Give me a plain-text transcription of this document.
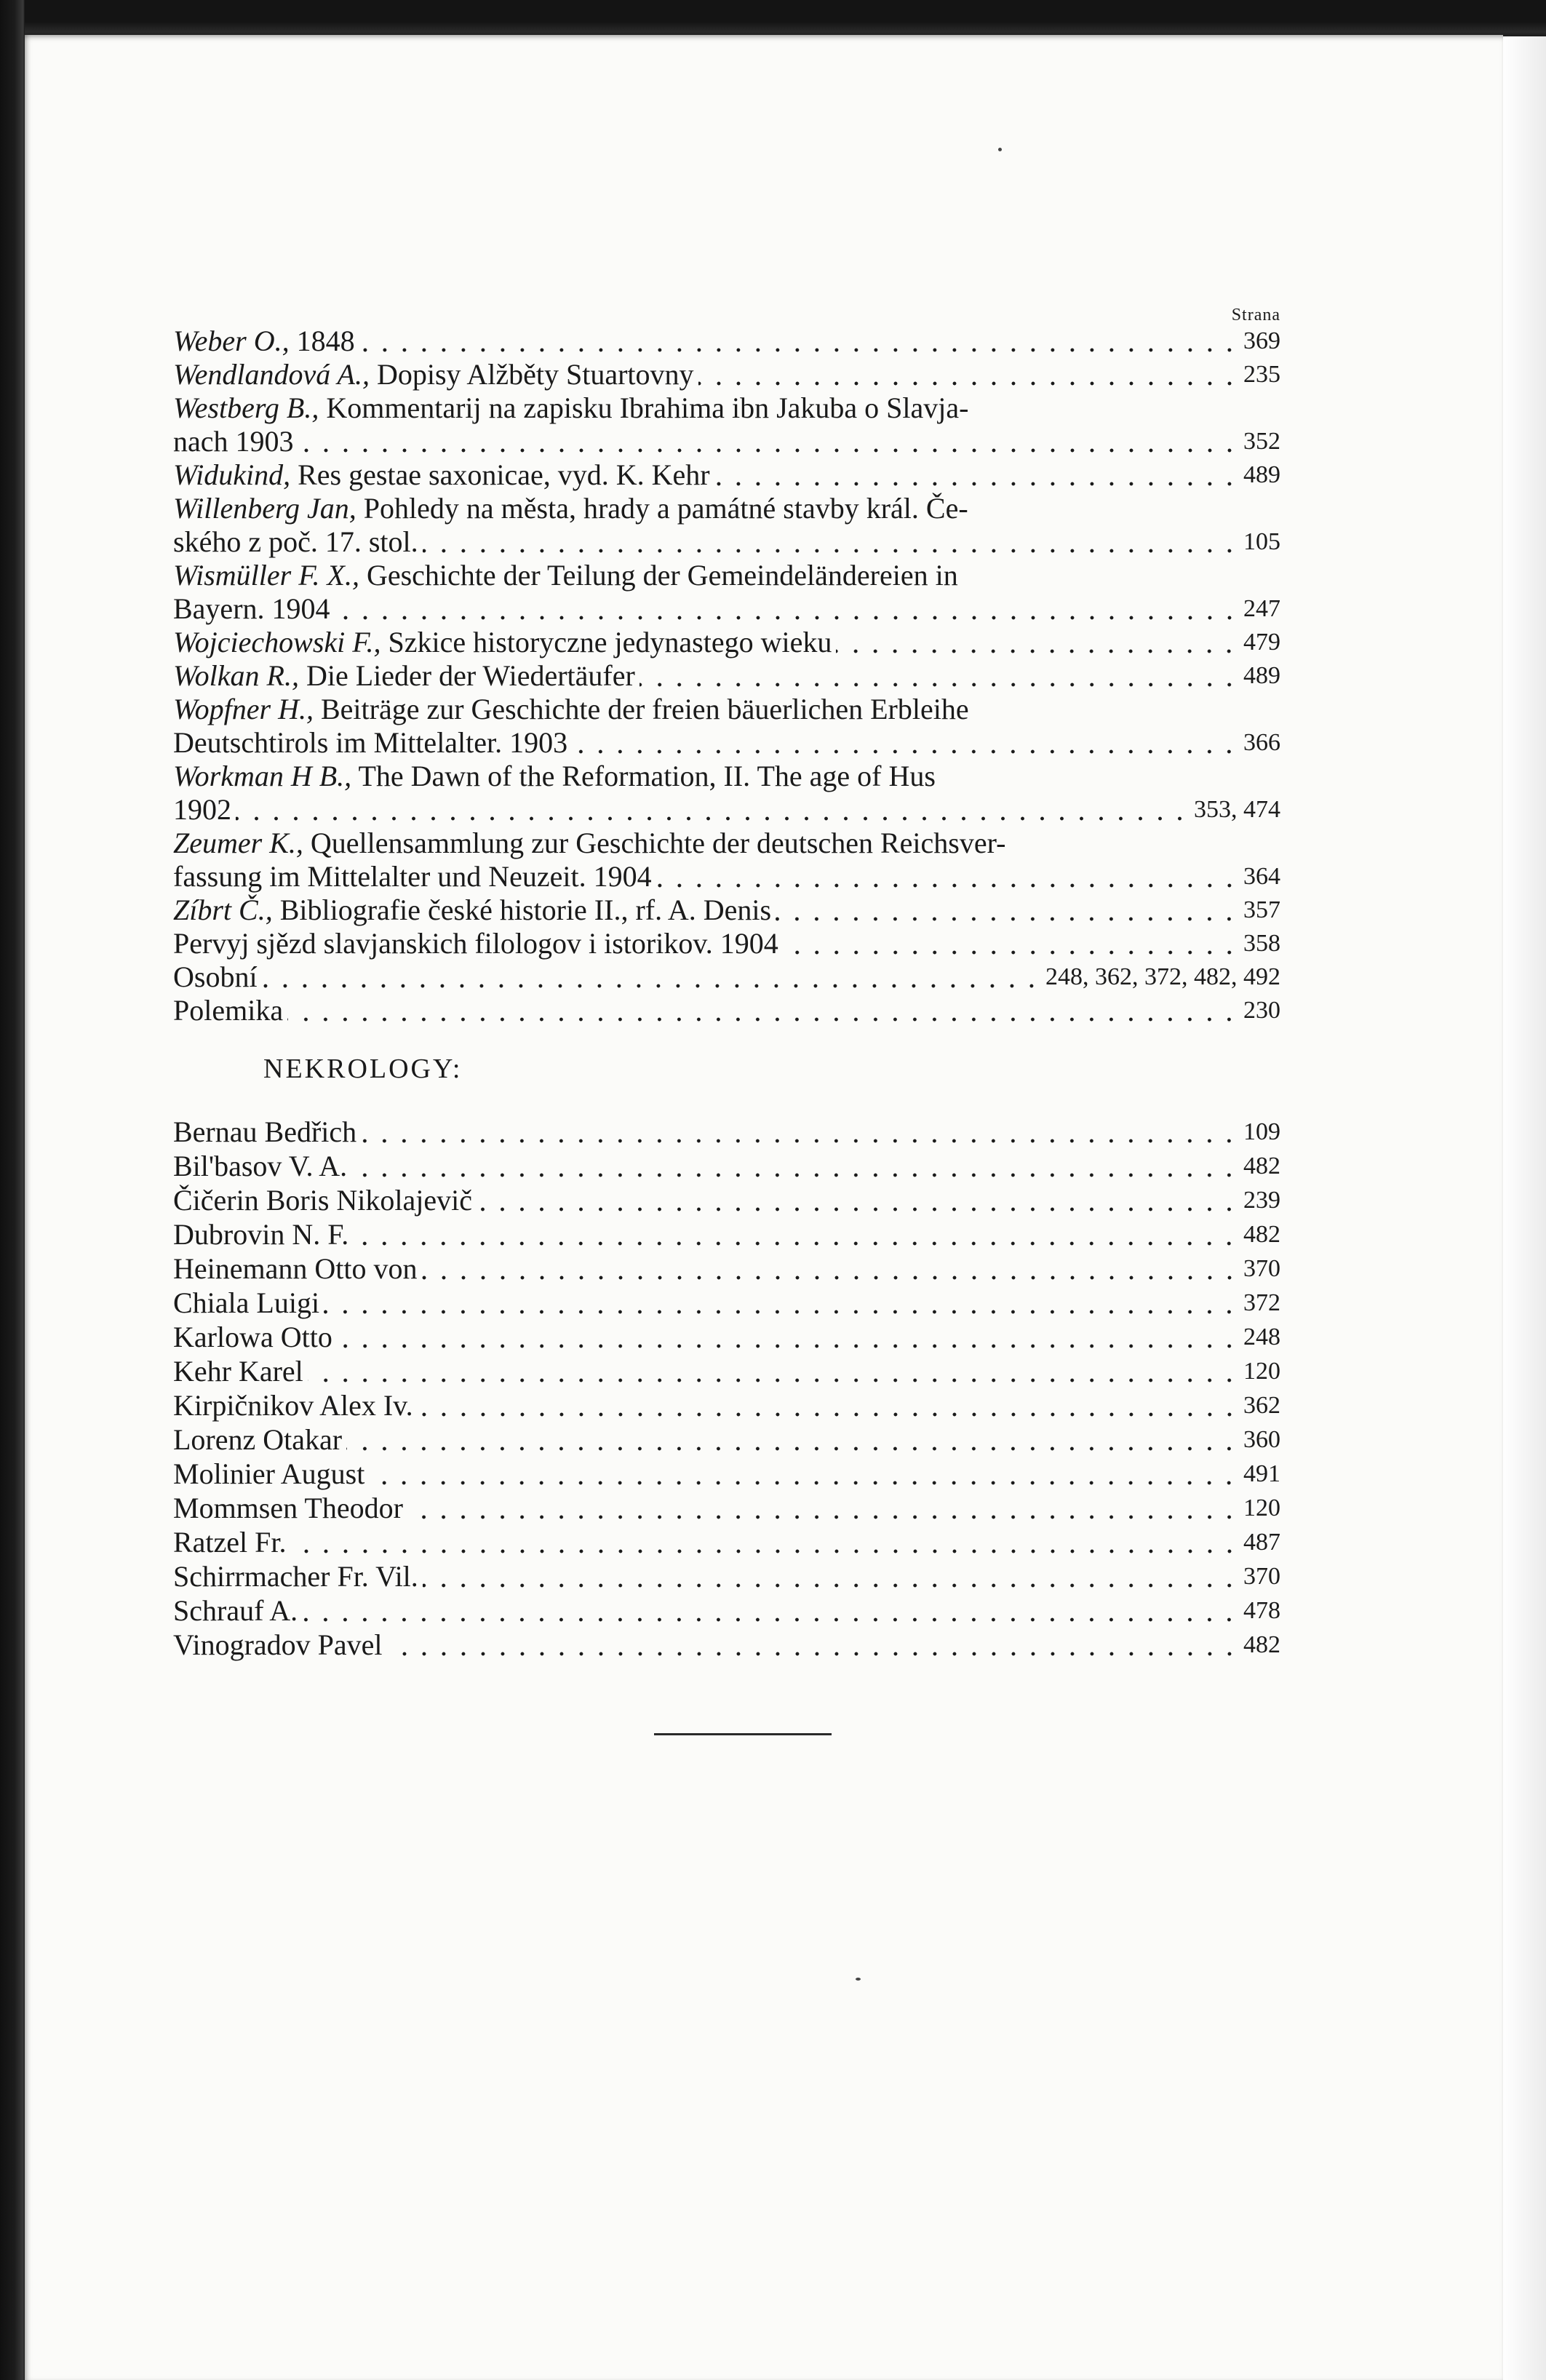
Strana
Weber O., 1848	369
Wendlandová A., Dopisy Alžběty Stuartovny	235
Westberg B., Kommentarij na zapisku Ibrahima ibn Jakuba o Slavja-
nach 1903	352
Widukind, Res gestae saxonicae, vyd. K. Kehr	489
Willenberg Jan, Pohledy na města, hrady a památné stavby král. Če-
ského z poč. 17. stol.	105
Wismüller F. X., Geschichte der Teilung der Gemeindeländereien in
Bayern. 1904	247
Wojciechowski F., Szkice historyczne jedynastego wieku	479
Wolkan R., Die Lieder der Wiedertäufer	489
Wopfner H., Beiträge zur Geschichte der freien bäuerlichen Erbleihe
Deutschtirols im Mittelalter. 1903	366
Workman H B., The Dawn of the Reformation, II. The age of Hus
1902	353, 474
Zeumer K., Quellensammlung zur Geschichte der deutschen Reichsver-
fassung im Mittelalter und Neuzeit. 1904	364
Zíbrt Č., Bibliografie české historie II., rf. A. Denis	357
Pervyj sjězd slavjanskich filologov i istorikov. 1904	358
Osobní	248, 362, 372, 482, 492
Polemika	230
NEKROLOGY:
Bernau Bedřich	109
Bil'basov V. A.	482
Čičerin Boris Nikolajevič	239
Dubrovin N. F.	482
Heinemann Otto von	370
Chiala Luigi	372
Karlowa Otto	248
Kehr Karel	120
Kirpičnikov Alex Iv.	362
Lorenz Otakar	360
Molinier August	491
Mommsen Theodor	120
Ratzel Fr.	487
Schirrmacher Fr. Vil.	370
Schrauf A.	478
Vinogradov Pavel	482
